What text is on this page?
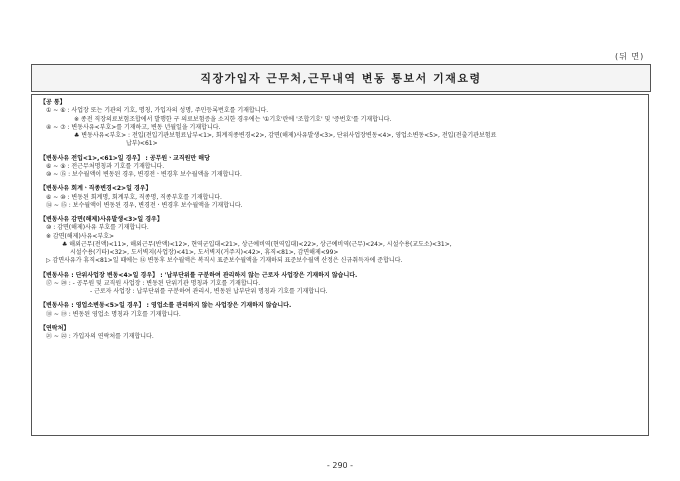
(뒤 면)
직장가입자 근무처,근무내역 변동 통보서 기재요령
【공 통】
① ~ ⑥ : 사업장 또는 기관의 기호, 명칭, 가입자의 성명, 주민등록번호를 기재합니다.
※ 종전 직장의료보험조합에서 발행한 구 의료보험증을 소지한 경우에는 '①기호'란에 '조합기호' 및 '증번호'를 기재합니다.
④ ~ ⑦ : 변동사유<부호>를 기재하고, 변동 년월일을 기재합니다.
♣ 변동사유<부호> : 전입(전입기관보험료납부<1>, 회계직종변경<2>, 감면(해제)사유발생<3>, 단위사업장변동<4>, 영업소변동<5>, 전입(전출기관보험료
납부)<61>
【변동사유 전입<1>,<61>일 경우】 : 공무원ㆍ교직원만 해당
⑥ ~ ⑨ : 전근무처명칭과 기호를 기재합니다.
⑩ ~ ⑮ : 보수월액이 변동된 경우, 변경전ㆍ변경후 보수월액을 기재합니다.
【변동사유 회계ㆍ직종변경<2>일 경우】
⑥ ~ ⑩ : 변동된 회계명, 회계부호, 직종명, 직종부호를 기재합니다.
⑭ ~ ⑮ : 보수월액이 변동된 경우, 변경전ㆍ변경후 보수월액을 기재합니다.
【변동사유 감면(해제)사유발생<3>일 경우】
⑩ : 감면(해제)사유 부호를 기재합니다.
※ 감면(해제)사유<부호>
♣ 해외근무(전액)<11>, 해외근무(반액)<12>, 현역군입대<21>, 상근예비역(현역입대)<22>, 상근예비역(근무)<24>, 시설수용(교도소)<31>,
시설수용(기타)<32>, 도서벽지(사업장)<41>, 도서벽지(거주지)<42>, 휴직<81>, 감면해제<99>
▷ 감면사유가 휴직<81>일 때에는 ⑭ 변동후 보수월액은 복직시 표준보수월액을 기재하되 표준보수월액 산정은 신규취득자에 준합니다.
【변동사유 : 단위사업장 변동<4>일 경우】 : '납부단위를 구분하여 관리하지 않는 근로자 사업장은 기재하지 않습니다.
⑰ ~ ⑳ : - 공무원 및 교직원 사업장 : 변동된 단위기관 명칭과 기호를 기재합니다.
- 근로자 사업장 : 납부단위를 구분하여 관리시, 변동된 납부단위 명칭과 기호를 기재합니다.
【변동사유 : 영업소변동<5>일 경우】 : 영업소를 관리하지 않는 사업장은 기재하지 않습니다.
⑱ ~ ⑲ : 변동된 영업소 명칭과 기호를 기재합니다.
【연락처】
㉑ ~ ㉒ : 가입자의 연락처를 기재합니다.
- 290 -
